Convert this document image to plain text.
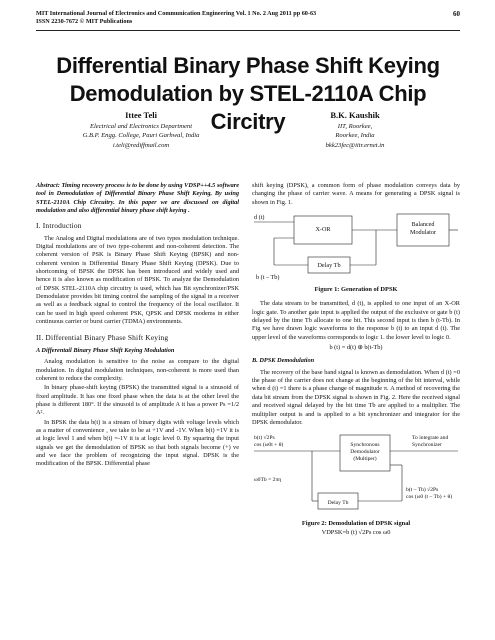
MIT International Journal of Electronics and Communication Engineering Vol. 1 No. 2 Aug 2011 pp 60-63
ISSN 2230-7672 © MIT Publications
60
Differential Binary Phase Shift Keying
Demodulation by STEL-2110A Chip Circitry
Ittee Teli
Electrical and Electronics Department
G.B.P. Engg. College, Pauri Garhwal, India
i.teli@rediffmail.com
B.K. Kaushik
IIT, Roorkee,
Roorkee, India
bkk23fec@iitr.ernet.in

Abstract: Timing recovery process is to be done by using VDSP++4.5 software tool in Demodulation of Differential Binary Phase Shift Keying, By using STEL-2110A Chip Circuitry. In this paper we are discussed on digital modulation and also differential binary phase shift keying .

I. Introduction

The Analog and Digital modulations are of two types modulation technique. Digital modulations are of two type-coherent and non-coherent detection. The coherent version of PSK is Binary Phase Shift Keying (BPSK) and non-coherent version is Differential Binary Phase Shift Keying (DPSK). Due to shortcoming of BPSK the DPSK has been introduced and widely used and hence it is also known as modification of BPSK. To analyze the Demodulation of DPSK STEL-2110A chip circuitry is used, which has Bit synchronizer/PSK Demodulator provides bit timing control the sampling of the signal in a receiver as well as a feedback signal to control the frequency of the local oscillator. It can be used in high speed coherent PSK, QPSK and DPSK modems in either continuous carrier or burst carrier (TDMA) environments.

II. Differential Binary Phase Shift Keying
A Differentail Binary Phase Shift Keying Modulation

Analog modulation is sensitive to the noise as compare to the digital modulation. In digital modulation techniques, non-coherent is more used than coherent to reduce the complexity.

In binary phase-shift keying (BPSK) the transmitted signal is a sinusoid of fixed amplitude. It has one fixed phase when the data is at the other level the phase is different 180°. If the sinusoid is of amplitude A it has a power Ps =1/2 A².

In BPSK the data b(t) is a stream of binary digits with voltage levels which as a matter of convenience , we take to be at +1V and -1V. When b(t) =1V it is at logic level 1 and when b(t) =-1V it is at logic level 0. By squaring the input signals we get the demodulation of BPSK so that both signals become (+) ve and we face the problem of recognizing the input signal. DPSK is the modification of the BPSK. Differential phase

shift keying (DPSK), a common form of phase modulation conveys data by changing the phase of carrier wave. A means for generating a DPSK signal is shown in Fig. 1.

d (t)
X-OR
Delay Tb
b (t – Tb)
Balanced
Modulator
Figure 1: Generation of DPSK

The data stream to be transmitted, d (t), is applied to one input of an X-OR logic gate. To another gate input is applied the output of the exclusive or gate b (t) delayed by the time Tb allocate to one bit. This second input is then b (t-Tb). In Fig we have drawn logic waveforms to the response b (t) to an input d (t). The upper level of the waveforms corresponds to logic 1. the lower level to logic 0.

b (t) = d(t) ⊕ b(t-Tb)
B. DPSK Demodulation

The recovery of the base band signal is known as demodulation. When d (t) =0 the phase of the carrier does not change at the beginning of the bit interval, while when d (t) =1 there is a phase change of magnitude π. A method of recovering the data bit stream from the DPSK signal is shown in Fig. 2. Here the received signal and received signal delayed by the bit time Tb are applied to a multiplier. The multiplier output is and is applied to a bit synchronizer and integrator for the DPSK demodulator.

b(t) √2Ps
cos (ω0t + θ)
ω0Tb = 2πη
Synchronous
Demodulator
(Multiper)
Delay Tb
To integrate and
Synchronizer
b(t – Tb) √2Ps
cos (ω0 (t – Tb) + θ)
Figure 2: Demodulation of DPSK signal
VDPSK=b (t) √2Ps cos ω0
